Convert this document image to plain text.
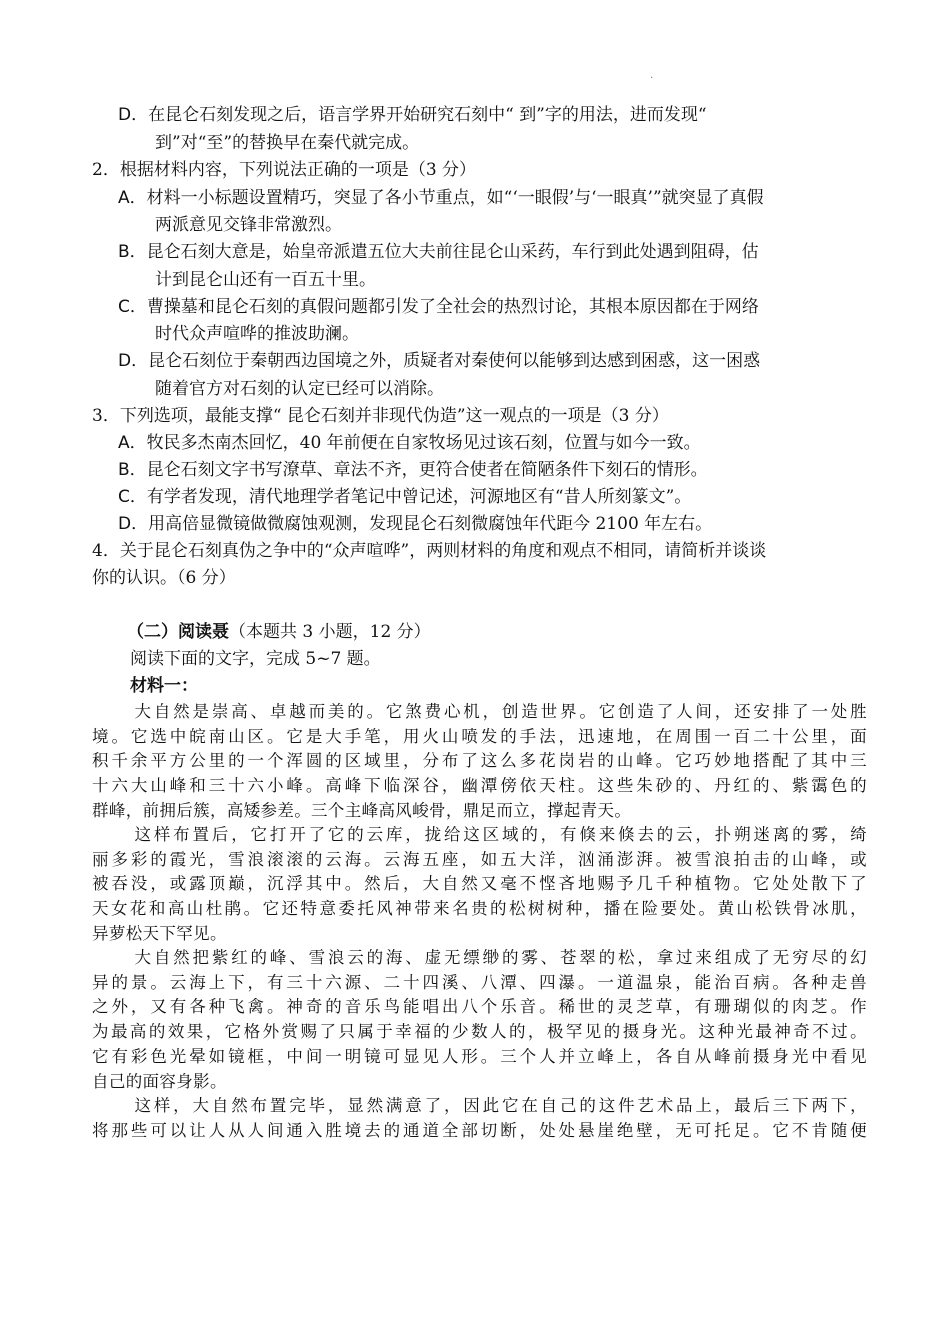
·
D．在昆仑石刻发现之后，语言学界开始研究石刻中“ 到”字的用法，进而发现“
到”对“至”的替换早在秦代就完成。
2．根据材料内容，下列说法正确的一项是（3 分）
A．材料一小标题设置精巧，突显了各小节重点，如“‘一眼假’与‘一眼真’”就突显了真假
两派意见交锋非常激烈。
B．昆仑石刻大意是，始皇帝派遣五位大夫前往昆仑山采药，车行到此处遇到阻碍，估
计到昆仑山还有一百五十里。
C．曹操墓和昆仑石刻的真假问题都引发了全社会的热烈讨论，其根本原因都在于网络
时代众声喧哗的推波助澜。
D．昆仑石刻位于秦朝西边国境之外，质疑者对秦使何以能够到达感到困惑，这一困惑
随着官方对石刻的认定已经可以消除。
3．下列选项，最能支撑“ 昆仑石刻并非现代伪造”这一观点的一项是（3 分）
A．牧民多杰南杰回忆，40 年前便在自家牧场见过该石刻，位置与如今一致。
B．昆仑石刻文字书写潦草、章法不齐，更符合使者在简陋条件下刻石的情形。
C．有学者发现，清代地理学者笔记中曾记述，河源地区有“昔人所刻篆文”。
D．用高倍显微镜做微腐蚀观测，发现昆仑石刻微腐蚀年代距今 2100 年左右。
4．关于昆仑石刻真伪之争中的“众声喧哗”，两则材料的角度和观点不相同，请简析并谈谈
你的认识。（6 分）
（二）阅读聂（本题共 3 小题，12 分）
阅读下面的文字，完成 5~7 题。
材料一：
大自然是崇高、卓越而美的。它煞费心机，创造世界。它创造了人间，还安排了一处胜
境。它选中皖南山区。它是大手笔，用火山喷发的手法，迅速地，在周围一百二十公里，面
积千余平方公里的一个浑圆的区域里，分布了这么多花岗岩的山峰。它巧妙地搭配了其中三
十六大山峰和三十六小峰。高峰下临深谷，幽潭傍依天柱。这些朱砂的、丹红的、紫霭色的
群峰，前拥后簇，高矮参差。三个主峰高风峻骨，鼎足而立，撑起青天。
这样布置后，它打开了它的云库，拢给这区域的，有倏来倏去的云，扑朔迷离的雾，绮
丽多彩的霞光，雪浪滚滚的云海。云海五座，如五大洋，汹涌澎湃。被雪浪拍击的山峰，或
被吞没，或露顶巅，沉浮其中。然后，大自然又毫不悭吝地赐予几千种植物。它处处散下了
天女花和高山杜鹃。它还特意委托风神带来名贵的松树树种，播在险要处。黄山松铁骨冰肌，
异萝松天下罕见。
大自然把紫红的峰、雪浪云的海、虚无缥缈的雾、苍翠的松，拿过来组成了无穷尽的幻
异的景。云海上下，有三十六源、二十四溪、八潭、四瀑。一道温泉，能治百病。各种走兽
之外，又有各种飞禽。神奇的音乐鸟能唱出八个乐音。稀世的灵芝草，有珊瑚似的肉芝。作
为最高的效果，它格外赏赐了只属于幸福的少数人的，极罕见的摄身光。这种光最神奇不过。
它有彩色光晕如镜框，中间一明镜可显见人形。三个人并立峰上，各自从峰前摄身光中看见
自己的面容身影。
这样，大自然布置完毕，显然满意了，因此它在自己的这件艺术品上，最后三下两下，
将那些可以让人从人间通入胜境去的通道全部切断，处处悬崖绝壁，无可托足。它不肯随便
